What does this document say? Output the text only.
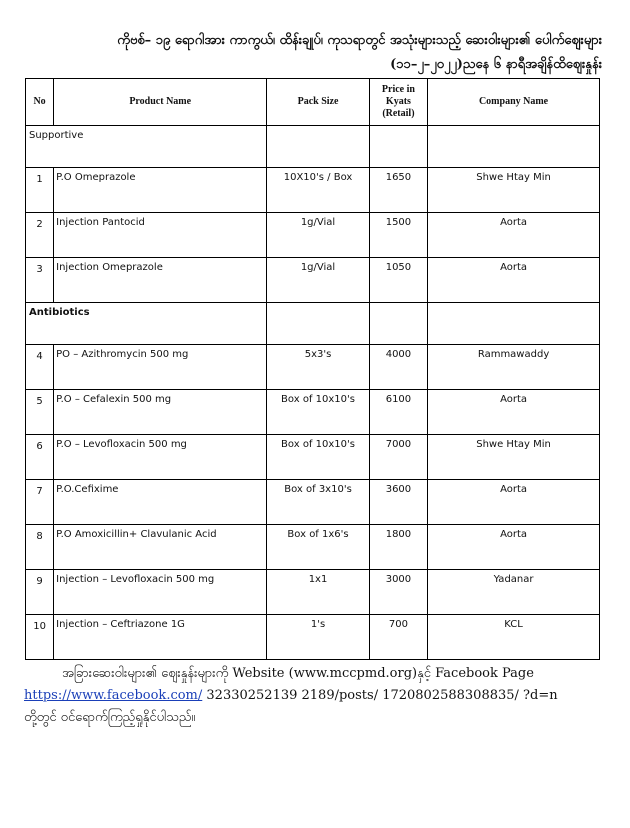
ကိုဗစ်– ၁၉ ရောဂါအား ကာကွယ်၊ ထိန်းချုပ်၊ ကုသရာတွင် အသုံးများသည့် ဆေးဝါးများ၏ ပေါက်ဈေးများ
(၁၁–၂–၂၀၂၂)ညနေ ၆ နာရီအချိန်ထိဈေးနှုန်း
No	Product Name	Pack Size	Price in Kyats (Retail)	Company Name
Supportive				
1	P.O Omeprazole	10X10's / Box	1650	Shwe Htay Min
2	Injection Pantocid	1g/Vial	1500	Aorta
3	Injection Omeprazole	1g/Vial	1050	Aorta
Antibiotics				
4	PO – Azithromycin 500 mg	5x3's	4000	Rammawaddy
5	P.O – Cefalexin 500 mg	Box of 10x10's	6100	Aorta
6	P.O – Levofloxacin 500 mg	Box of 10x10's	7000	Shwe Htay Min
7	P.O.Cefixime	Box of 3x10's	3600	Aorta
8	P.O Amoxicillin+ Clavulanic Acid	Box of 1x6's	1800	Aorta
9	Injection – Levofloxacin 500 mg	1x1	3000	Yadanar
10	Injection – Ceftriazone 1G	1's	700	KCL
အခြားဆေးဝါးများ၏ ဈေးနှုန်းများကို Website (www.mccpmd.org)နှင့် Facebook Page
https://www.facebook.com/ 32330252139 2189/posts/ 1720802588308835/ ?d=n
တို့တွင် ဝင်ရောက်ကြည့်ရှုနိုင်ပါသည်။
